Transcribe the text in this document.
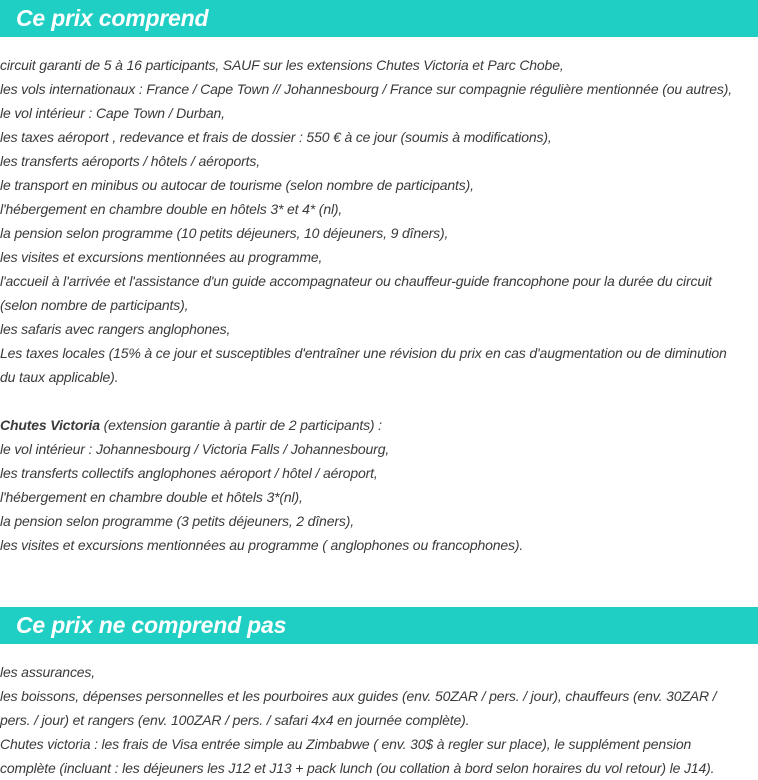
Ce prix comprend
circuit garanti de 5 à 16 participants, SAUF sur les extensions Chutes Victoria et Parc Chobe,
les vols internationaux : France / Cape Town // Johannesbourg / France sur compagnie régulière mentionnée (ou autres),
le vol intérieur : Cape Town / Durban,
les taxes aéroport , redevance et frais de dossier : 550 € à ce jour (soumis à modifications),
les transferts aéroports / hôtels / aéroports,
le transport en minibus ou autocar de tourisme (selon nombre de participants),
l'hébergement en chambre double en hôtels 3* et 4* (nl),
la pension selon programme (10 petits déjeuners, 10 déjeuners, 9 dîners),
les visites et excursions mentionnées au programme,
l'accueil à l'arrivée et l'assistance d'un guide accompagnateur ou chauffeur-guide francophone pour la durée du circuit
(selon nombre de participants),
les safaris avec rangers anglophones,
Les taxes locales (15% à ce jour et susceptibles d'entraîner une révision du prix en cas d'augmentation ou de diminution
du taux applicable).
Chutes Victoria (extension garantie à partir de 2 participants) :
le vol intérieur : Johannesbourg / Victoria Falls / Johannesbourg,
les transferts collectifs anglophones aéroport / hôtel / aéroport,
l'hébergement en chambre double et hôtels 3*(nl),
la pension selon programme (3 petits déjeuners, 2 dîners),
les visites et excursions mentionnées au programme ( anglophones ou francophones).
Ce prix ne comprend pas
les assurances,
les boissons, dépenses personnelles et les pourboires aux guides (env. 50ZAR / pers. / jour), chauffeurs (env. 30ZAR /
pers. / jour) et rangers (env. 100ZAR / pers. / safari 4x4 en journée complète).
Chutes victoria : les frais de Visa entrée simple au Zimbabwe ( env. 30$ à regler sur place), le supplément pension
complète (incluant : les déjeuners les J12 et J13 + pack lunch (ou collation à bord selon horaires du vol retour) le J14).
